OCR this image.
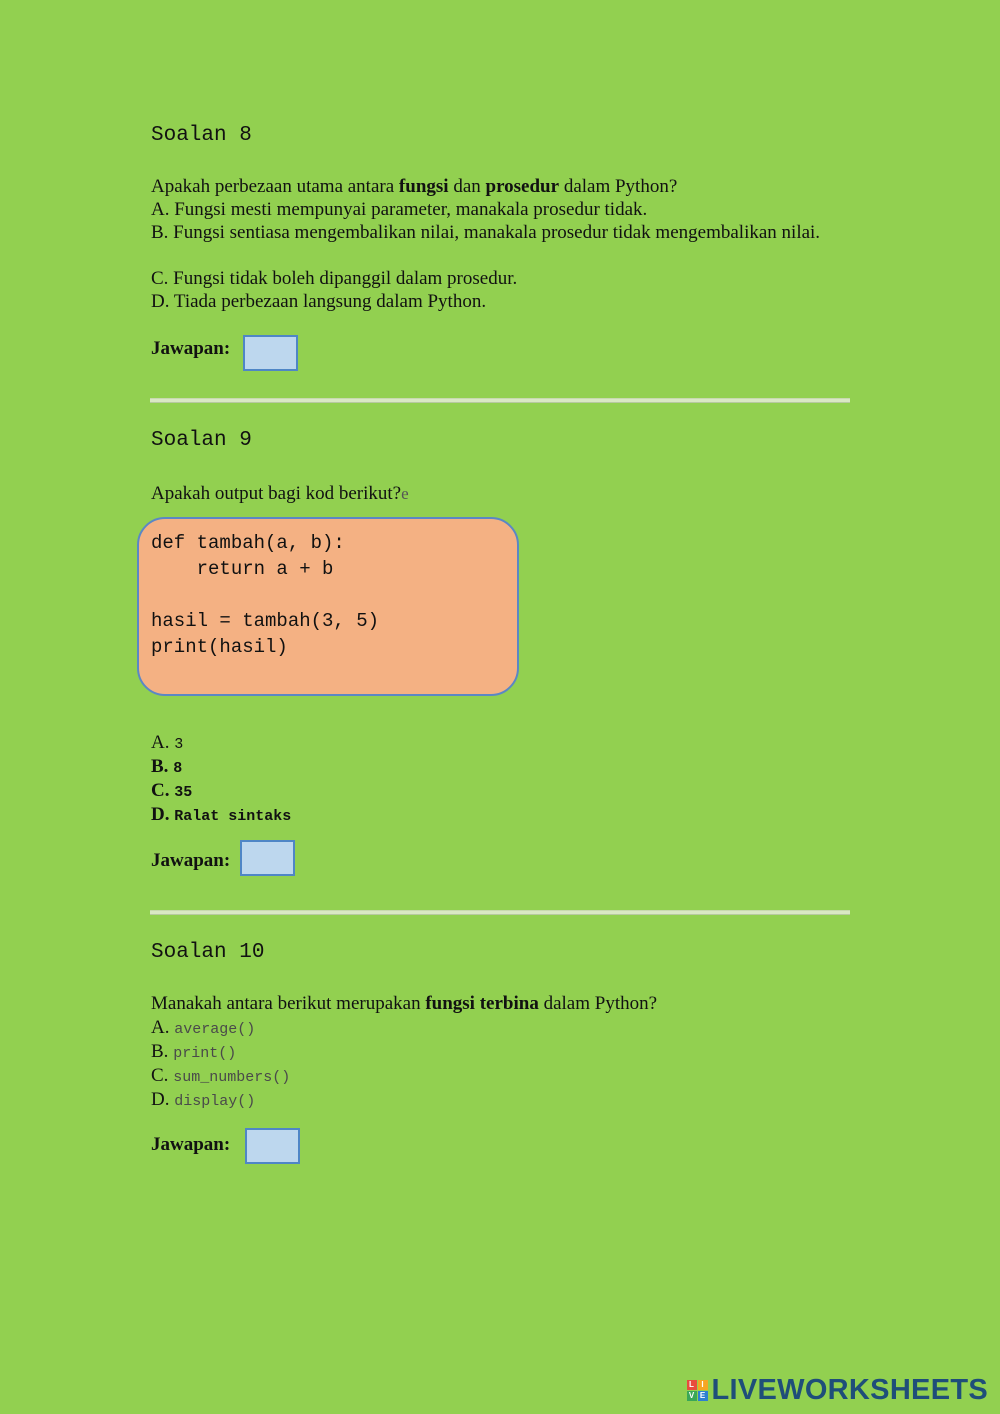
Soalan 8
Apakah perbezaan utama antara fungsi dan prosedur dalam Python?
A. Fungsi mesti mempunyai parameter, manakala prosedur tidak.
B. Fungsi sentiasa mengembalikan nilai, manakala prosedur tidak mengembalikan nilai.
C. Fungsi tidak boleh dipanggil dalam prosedur.
D. Tiada perbezaan langsung dalam Python.
Jawapan:
Soalan 9
Apakah output bagi kod berikut?e
def tambah(a, b):
return a + b

hasil = tambah(3, 5)
print(hasil)
A. 3
B. 8
C. 35
D. Ralat sintaks
Jawapan:
Soalan 10
Manakah antara berikut merupakan fungsi terbina dalam Python?
A. average()
B. print()
C. sum_numbers()
D. display()
Jawapan:
L I
V E LIVEWORKSHEETS
